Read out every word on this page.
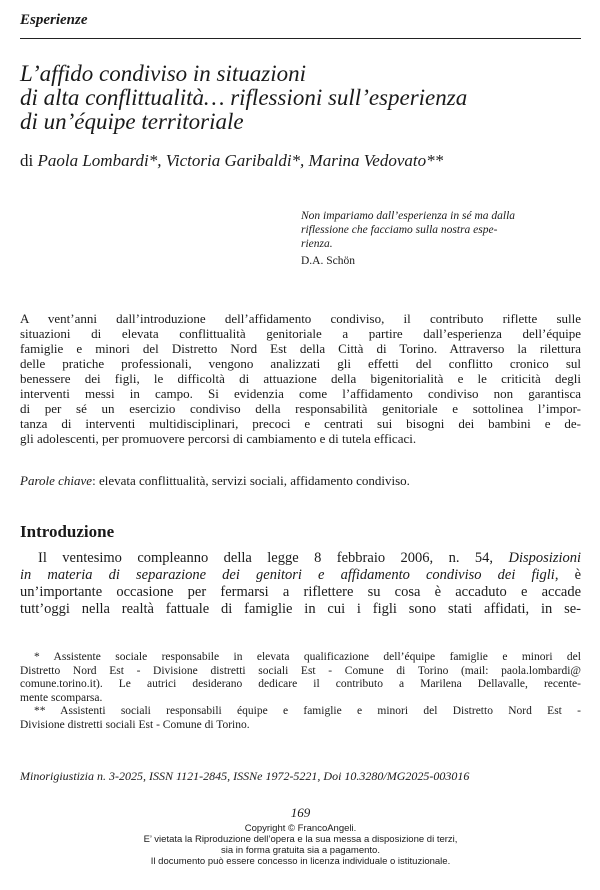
Esperienze
L’affido condiviso in situazioni
di alta conflittualità… riflessioni sull’esperienza
di un’équipe territoriale
di Paola Lombardi*, Victoria Garibaldi*, Marina Vedovato**
Non impariamo dall’esperienza in sé ma dalla
riflessione che facciamo sulla nostra espe-
rienza.
D.A. Schön
A vent’anni dall’introduzione dell’affidamento condiviso, il contributo riflette sulle
situazioni di elevata conflittualità genitoriale a partire dall’esperienza dell’équipe
famiglie e minori del Distretto Nord Est della Città di Torino. Attraverso la rilettura
delle pratiche professionali, vengono analizzati gli effetti del conflitto cronico sul
benessere dei figli, le difficoltà di attuazione della bigenitorialità e le criticità degli
interventi messi in campo. Si evidenzia come l’affidamento condiviso non garantisca
di per sé un esercizio condiviso della responsabilità genitoriale e sottolinea l’impor-
tanza di interventi multidisciplinari, precoci e centrati sui bisogni dei bambini e de-
gli adolescenti, per promuovere percorsi di cambiamento e di tutela efficaci.
Parole chiave: elevata conflittualità, servizi sociali, affidamento condiviso.
Introduzione
Il ventesimo compleanno della legge 8 febbraio 2006, n. 54, Disposizioni
in materia di separazione dei genitori e affidamento condiviso dei figli, è
un’importante occasione per fermarsi a riflettere su cosa è accaduto e accade
tutt’oggi nella realtà fattuale di famiglie in cui i figli sono stati affidati, in se-
* Assistente sociale responsabile in elevata qualificazione dell’équipe famiglie e minori del
Distretto Nord Est - Divisione distretti sociali Est - Comune di Torino (mail: paola.lombardi@
comune.torino.it). Le autrici desiderano dedicare il contributo a Marilena Dellavalle, recente-
mente scomparsa.
** Assistenti sociali responsabili équipe e famiglie e minori del Distretto Nord Est -
Divisione distretti sociali Est - Comune di Torino.
Minorigiustizia n. 3-2025, ISSN 1121-2845, ISSNe 1972-5221, Doi 10.3280/MG2025-003016
169
Copyright © FrancoAngeli.
E’ vietata la Riproduzione dell’opera e la sua messa a disposizione di terzi,
sia in forma gratuita sia a pagamento.
Il documento può essere concesso in licenza individuale o istituzionale.
